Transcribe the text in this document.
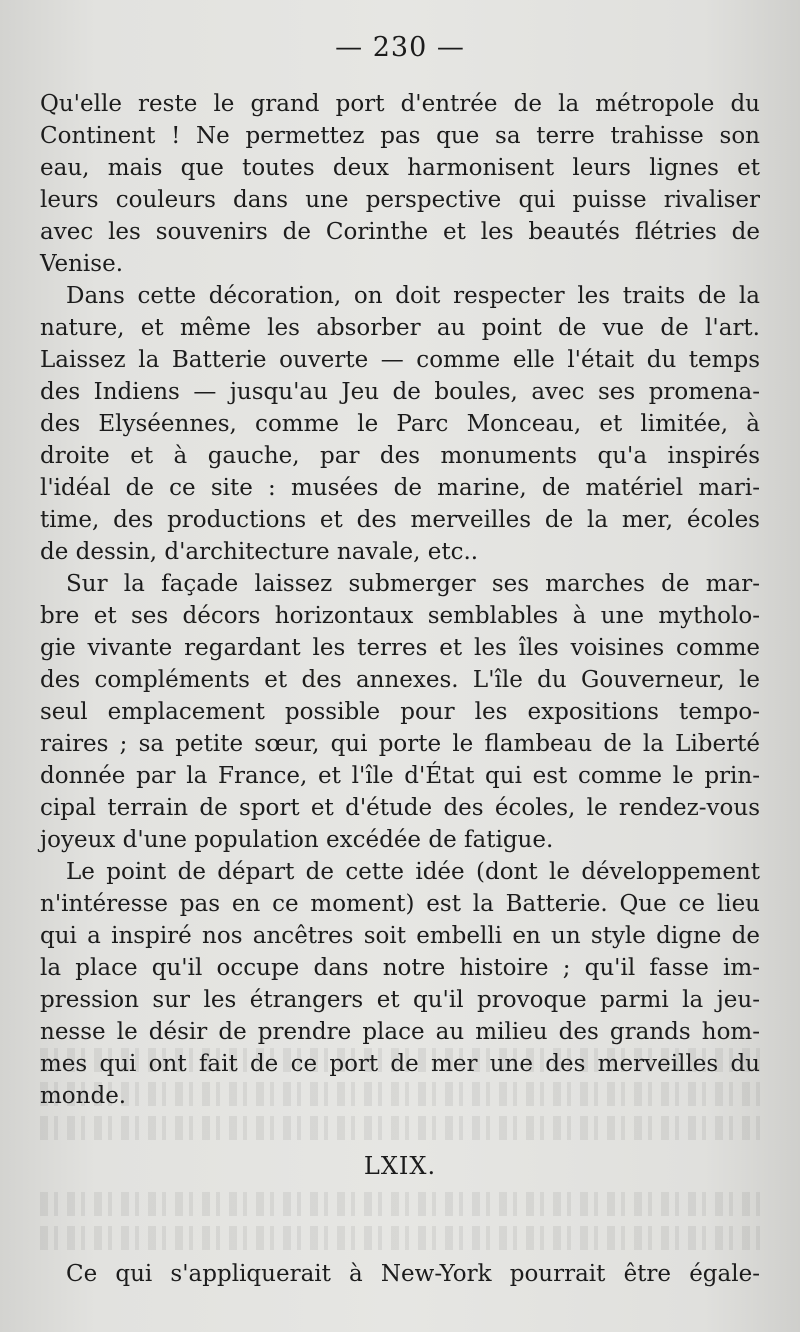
— 230 —
Qu'elle reste le grand port d'entrée de la métropole du
Continent ! Ne permettez pas que sa terre trahisse son
eau, mais que toutes deux harmonisent leurs lignes et
leurs couleurs dans une perspective qui puisse rivaliser
avec les souvenirs de Corinthe et les beautés flétries de
Venise.
Dans cette décoration, on doit respecter les traits de la
nature, et même les absorber au point de vue de l'art.
Laissez la Batterie ouverte — comme elle l'était du temps
des Indiens — jusqu'au Jeu de boules, avec ses promena-
des Elyséennes, comme le Parc Monceau, et limitée, à
droite et à gauche, par des monuments qu'a inspirés
l'idéal de ce site : musées de marine, de matériel mari-
time, des productions et des merveilles de la mer, écoles
de dessin, d'architecture navale, etc..
Sur la façade laissez submerger ses marches de mar-
bre et ses décors horizontaux semblables à une mytholo-
gie vivante regardant les terres et les îles voisines comme
des compléments et des annexes. L'île du Gouverneur, le
seul emplacement possible pour les expositions tempo-
raires ; sa petite sœur, qui porte le flambeau de la Liberté
donnée par la France, et l'île d'État qui est comme le prin-
cipal terrain de sport et d'étude des écoles, le rendez-vous
joyeux d'une population excédée de fatigue.
Le point de départ de cette idée (dont le développement
n'intéresse pas en ce moment) est la Batterie. Que ce lieu
qui a inspiré nos ancêtres soit embelli en un style digne de
la place qu'il occupe dans notre histoire ; qu'il fasse im-
pression sur les étrangers et qu'il provoque parmi la jeu-
nesse le désir de prendre place au milieu des grands hom-
mes qui ont fait de ce port de mer une des merveilles du
monde.
LXIX.
Ce qui s'appliquerait à New-York pourrait être égale-
